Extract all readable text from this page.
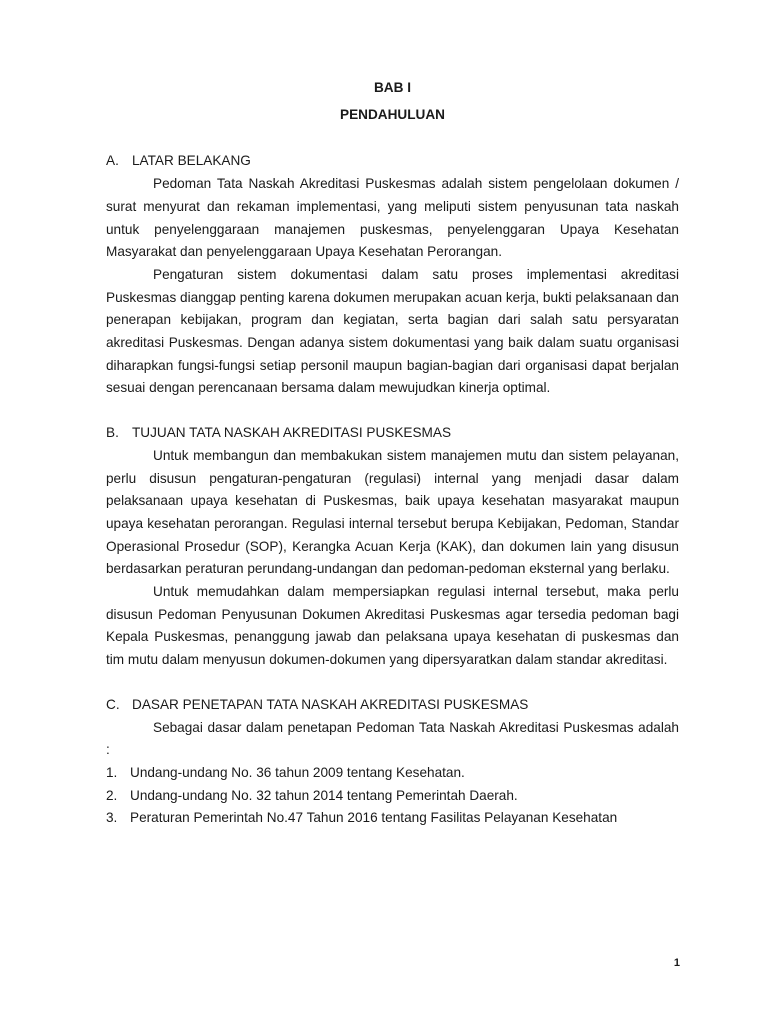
BAB I
PENDAHULUAN
A. LATAR BELAKANG

Pedoman Tata Naskah Akreditasi Puskesmas adalah sistem pengelolaan dokumen / surat menyurat dan rekaman implementasi, yang meliputi sistem penyusunan tata naskah untuk penyelenggaraan manajemen puskesmas, penyelenggaran Upaya Kesehatan Masyarakat dan penyelenggaraan Upaya Kesehatan Perorangan.

Pengaturan sistem dokumentasi dalam satu proses implementasi akreditasi Puskesmas dianggap penting karena dokumen merupakan acuan kerja, bukti pelaksanaan dan penerapan kebijakan, program dan kegiatan, serta bagian dari salah satu persyaratan akreditasi Puskesmas. Dengan adanya sistem dokumentasi yang baik dalam suatu organisasi diharapkan fungsi-fungsi setiap personil maupun bagian-bagian dari organisasi dapat berjalan sesuai dengan perencanaan bersama dalam mewujudkan kinerja optimal.

B. TUJUAN TATA NASKAH AKREDITASI PUSKESMAS

Untuk membangun dan membakukan sistem manajemen mutu dan sistem pelayanan, perlu disusun pengaturan-pengaturan (regulasi) internal yang menjadi dasar dalam pelaksanaan upaya kesehatan di Puskesmas, baik upaya kesehatan masyarakat maupun upaya kesehatan perorangan. Regulasi internal tersebut berupa Kebijakan, Pedoman, Standar Operasional Prosedur (SOP), Kerangka Acuan Kerja (KAK), dan dokumen lain yang disusun berdasarkan peraturan perundang-undangan dan pedoman-pedoman eksternal yang berlaku.

Untuk memudahkan dalam mempersiapkan regulasi internal tersebut, maka perlu disusun Pedoman Penyusunan Dokumen Akreditasi Puskesmas agar tersedia pedoman bagi Kepala Puskesmas, penanggung jawab dan pelaksana upaya kesehatan di puskesmas dan tim mutu dalam menyusun dokumen-dokumen yang dipersyaratkan dalam standar akreditasi.

C. DASAR PENETAPAN TATA NASKAH AKREDITASI PUSKESMAS

Sebagai dasar dalam penetapan Pedoman Tata Naskah Akreditasi Puskesmas adalah :

1. Undang-undang No. 36 tahun 2009 tentang Kesehatan.
2. Undang-undang No. 32 tahun 2014 tentang Pemerintah Daerah.
3. Peraturan Pemerintah No.47 Tahun 2016 tentang Fasilitas Pelayanan Kesehatan
1
